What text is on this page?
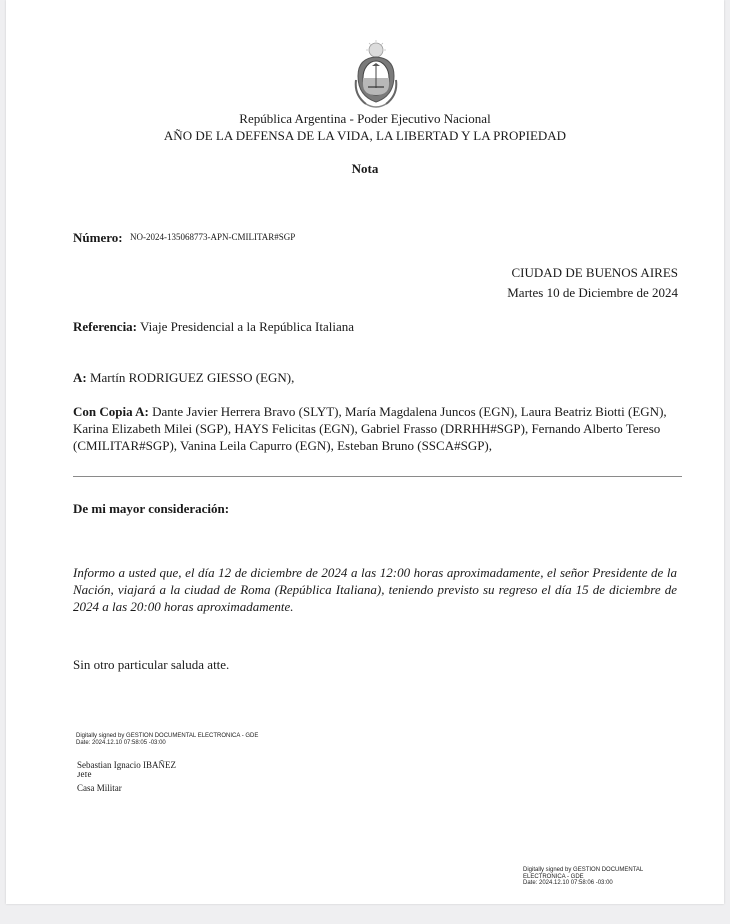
República Argentina - Poder Ejecutivo Nacional
AÑO DE LA DEFENSA DE LA VIDA, LA LIBERTAD Y LA PROPIEDAD
Nota
Número: NO-2024-135068773-APN-CMILITAR#SGP
CIUDAD DE BUENOS AIRES
Martes 10 de Diciembre de 2024
Referencia: Viaje Presidencial a la República Italiana
A: Martín RODRIGUEZ GIESSO (EGN),
Con Copia A: Dante Javier Herrera Bravo (SLYT), María Magdalena Juncos (EGN), Laura Beatriz Biotti (EGN), Karina Elizabeth Milei (SGP), HAYS Felicitas (EGN), Gabriel Frasso (DRRHH#SGP), Fernando Alberto Tereso (CMILITAR#SGP), Vanina Leila Capurro (EGN), Esteban Bruno (SSCA#SGP),
De mi mayor consideración:
Informo a usted que, el día 12 de diciembre de 2024 a las 12:00 horas aproximadamente, el señor Presidente de la Nación, viajará a la ciudad de Roma (República Italiana), teniendo previsto su regreso el día 15 de diciembre de 2024 a las 20:00 horas aproximadamente.
Sin otro particular saluda atte.
Digitally signed by GESTION DOCUMENTAL ELECTRONICA - GDE
Date: 2024.12.10 07:58:05 -03:00
Sebastian Ignacio IBAÑEZ
Jefe
Casa Militar
Digitally signed by GESTION DOCUMENTAL
ELECTRONICA - GDE
Date: 2024.12.10 07:58:06 -03:00
